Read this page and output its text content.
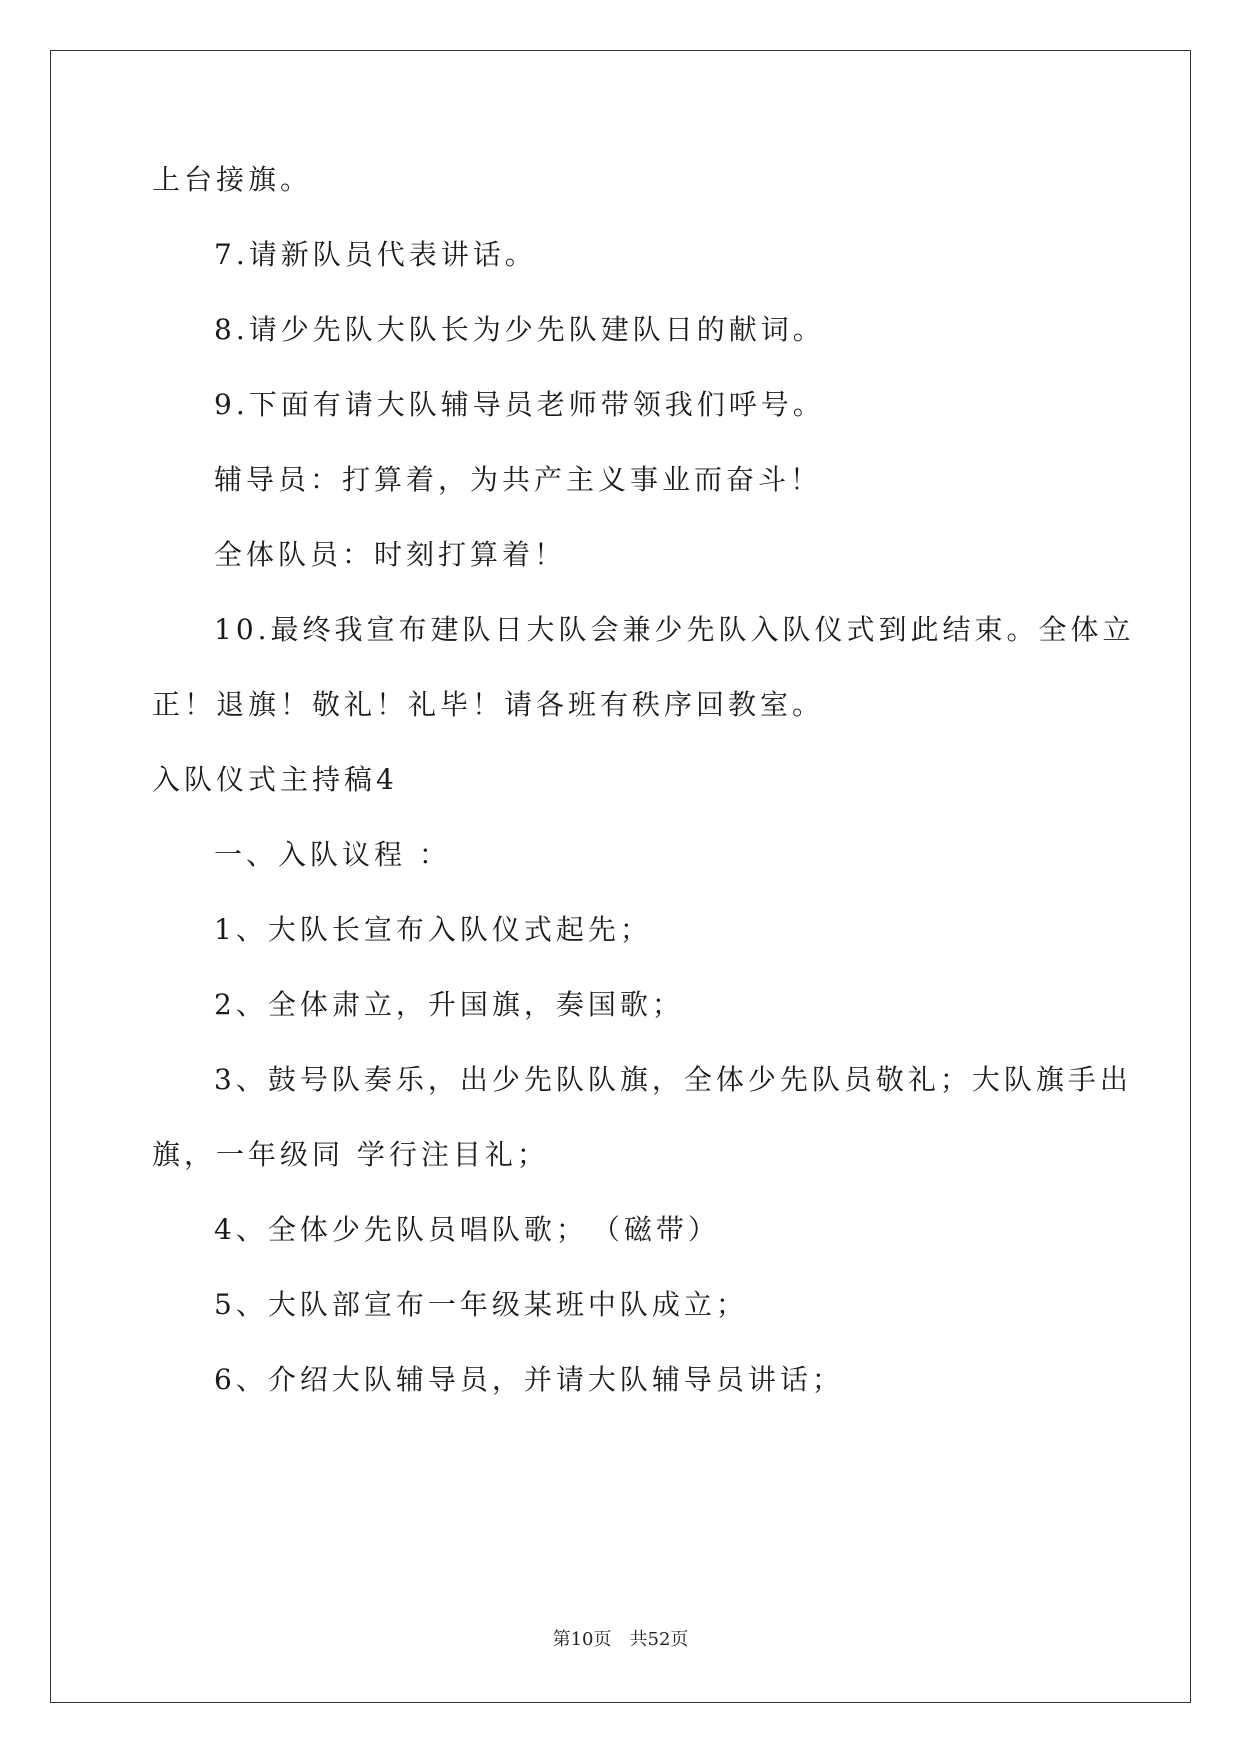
上台接旗。
7.请新队员代表讲话。
8.请少先队大队长为少先队建队日的献词。
9.下面有请大队辅导员老师带领我们呼号。
辅导员：打算着，为共产主义事业而奋斗！
全体队员：时刻打算着！
10.最终我宣布建队日大队会兼少先队入队仪式到此结束。全体立
正！退旗！敬礼！礼毕！请各班有秩序回教室。
入队仪式主持稿4
一、入队议程 ：
1、大队长宣布入队仪式起先；
2、全体肃立，升国旗，奏国歌；
3、鼓号队奏乐，出少先队队旗，全体少先队员敬礼；大队旗手出
旗，一年级同 学行注目礼；
4、全体少先队员唱队歌；　（磁带）
5、大队部宣布一年级某班中队成立；
6、介绍大队辅导员，并请大队辅导员讲话；
第10页　共52页
